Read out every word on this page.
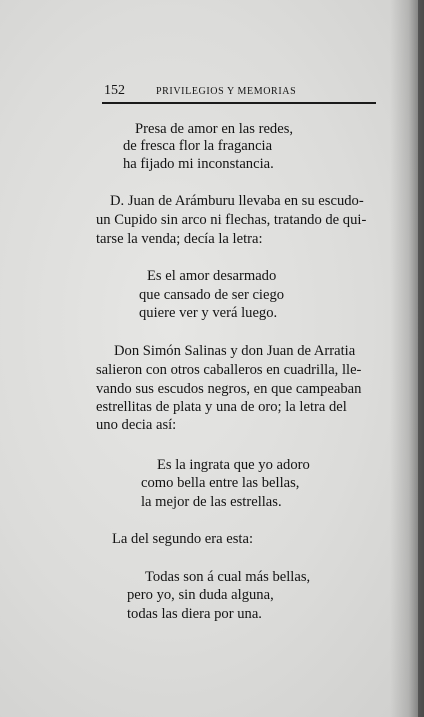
152	PRIVILEGIOS Y MEMORIAS
Presa de amor en las redes,
de fresca flor la fragancia
ha fijado mi inconstancia.
D. Juan de Arámburu llevaba en su escudo-
un Cupido sin arco ni flechas, tratando de qui-
tarse la venda; decía la letra:
Es el amor desarmado
que cansado de ser ciego
quiere ver y verá luego.
Don Simón Salinas y don Juan de Arratia
salieron con otros caballeros en cuadrilla, lle-
vando sus escudos negros, en que campeaban
estrellitas de plata y una de oro; la letra del
uno decia así:
Es la ingrata que yo adoro
como bella entre las bellas,
la mejor de las estrellas.
La del segundo era esta:
Todas son á cual más bellas,
pero yo, sin duda alguna,
todas las diera por una.
